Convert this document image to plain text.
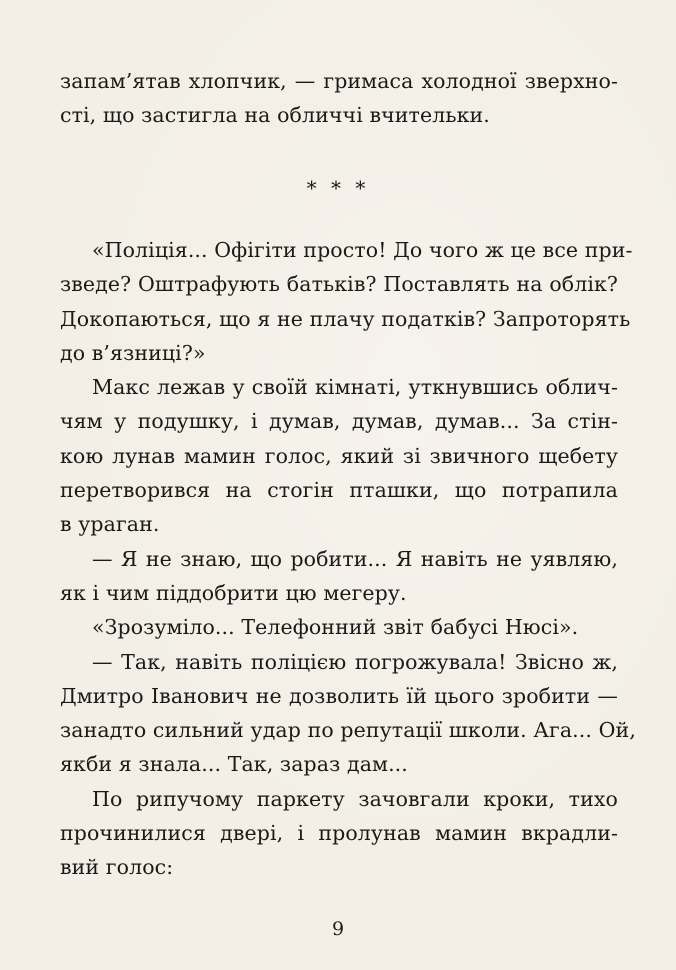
запам’ятав хлопчик, — гримаса холодної зверхно-
сті, що застигла на обличчі вчительки.
* * *
«Поліція... Офігіти просто! До чого ж це все при-
зведе? Оштрафують батьків? Поставлять на облік?
Докопаються, що я не плачу податків? Запроторять
до в’язниці?»
Макс лежав у своїй кімнаті, уткнувшись облич-
чям у подушку, і думав, думав, думав... За стін-
кою лунав мамин голос, який зі звичного щебету
перетворився на стогін пташки, що потрапила
в ураган.
— Я не знаю, що робити... Я навіть не уявляю,
як і чим піддобрити цю мегеру.
«Зрозуміло... Телефонний звіт бабусі Нюсі».
— Так, навіть поліцією погрожувала! Звісно ж,
Дмитро Іванович не дозволить їй цього зробити —
занадто сильний удар по репутації школи. Ага... Ой,
якби я знала... Так, зараз дам...
По рипучому паркету зачовгали кроки, тихо
прочинилися двері, і пролунав мамин вкрадли-
вий голос:
9
